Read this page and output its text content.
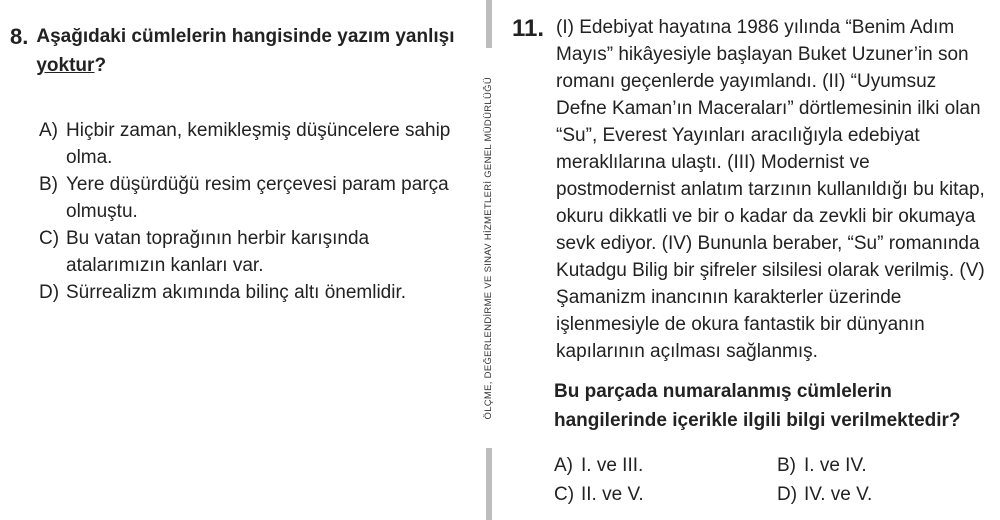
8. Aşağıdaki cümlelerin hangisinde yazım yanlışı yoktur?
A) Hiçbir zaman, kemikleşmiş düşüncelere sahip olma.
B) Yere düşürdüğü resim çerçevesi param parça olmuştu.
C) Bu vatan toprağının herbir karışında atalarımızın kanları var.
D) Sürrealizm akımında bilinç altı önemlidir.	ÖLÇME, DEĞERLENDİRME VE SINAV HİZMETLERİ GENEL MÜDÜRLÜĞÜ
11. (I) Edebiyat hayatına 1986 yılında “Benim Adım Mayıs” hikâyesiyle başlayan Buket Uzuner’in son romanı geçenlerde yayımlandı. (II) “Uyumsuz Defne Kaman’ın Maceraları” dörtlemesinin ilki olan “Su”, Everest Yayınları aracılığıyla edebiyat meraklılarına ulaştı. (III) Modernist ve postmodernist anlatım tarzının kullanıldığı bu kitap, okuru dikkatli ve bir o kadar da zevkli bir okumaya sevk ediyor. (IV) Bununla beraber, “Su” romanında Kutadgu Bilig bir şifreler silsilesi olarak verilmiş. (V) Şamanizm inancının karakterler üzerinde işlenmesiyle de okura fantastik bir dünyanın kapılarının açılması sağlanmış.
Bu parçada numaralanmış cümlelerin hangilerinde içerikle ilgili bilgi verilmektedir?
A) I. ve III.	B) I. ve IV.
C) II. ve V.	D) IV. ve V.
